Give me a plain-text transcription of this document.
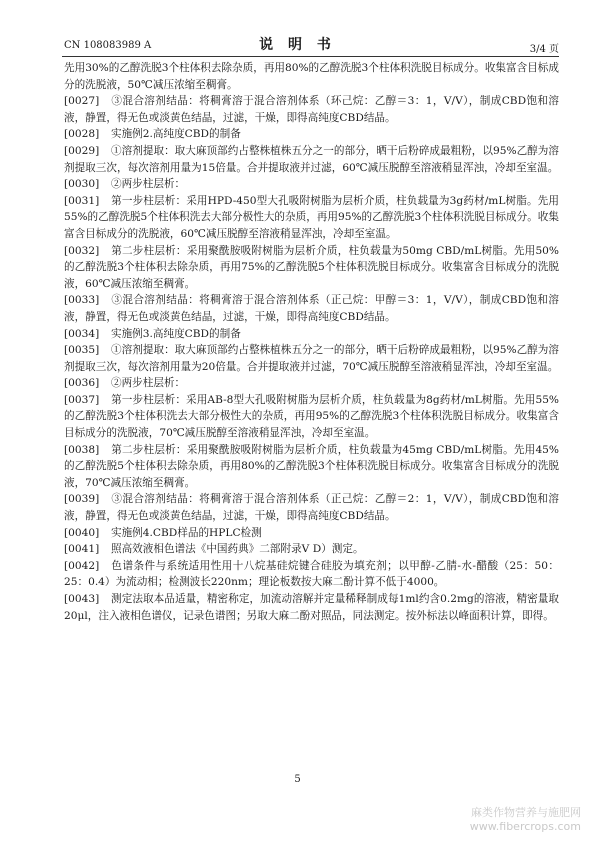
CN 108083989 A	说 明 书	3/4 页

先用30%的乙醇洗脱3个柱体积去除杂质，再用80%的乙醇洗脱3个柱体积洗脱目标成分。收集富含目标成分的洗脱液，50℃减压浓缩至稠膏。

[0027] ③混合溶剂结晶：将稠膏溶于混合溶剂体系（环己烷：乙醇＝3：1，V/V），制成CBD饱和溶液，静置，得无色或淡黄色结晶，过滤，干燥，即得高纯度CBD结晶。

[0028] 实施例2.高纯度CBD的制备

[0029] ①溶剂提取：取大麻顶部约占整株植株五分之一的部分，晒干后粉碎成最粗粉，以95%乙醇为溶剂提取三次，每次溶剂用量为15倍量。合并提取液并过滤，60℃减压脱醇至溶液稍显浑浊，冷却至室温。

[0030] ②两步柱层析：

[0031] 第一步柱层析：采用HPD-450型大孔吸附树脂为层析介质，柱负载量为3g药材/mL树脂。先用55%的乙醇洗脱5个柱体积洗去大部分极性大的杂质，再用95%的乙醇洗脱3个柱体积洗脱目标成分。收集富含目标成分的洗脱液，60℃减压脱醇至溶液稍显浑浊，冷却至室温。

[0032] 第二步柱层析：采用聚酰胺吸附树脂为层析介质，柱负载量为50mg CBD/mL树脂。先用50%的乙醇洗脱3个柱体积去除杂质，再用75%的乙醇洗脱5个柱体积洗脱目标成分。收集富含目标成分的洗脱液，60℃减压浓缩至稠膏。

[0033] ③混合溶剂结晶：将稠膏溶于混合溶剂体系（正己烷：甲醇＝3：1，V/V），制成CBD饱和溶液，静置，得无色或淡黄色结晶，过滤，干燥，即得高纯度CBD结晶。

[0034] 实施例3.高纯度CBD的制备

[0035] ①溶剂提取：取大麻顶部约占整株植株五分之一的部分，晒干后粉碎成最粗粉，以95%乙醇为溶剂提取三次，每次溶剂用量为20倍量。合并提取液并过滤，70℃减压脱醇至溶液稍显浑浊，冷却至室温。

[0036] ②两步柱层析：

[0037] 第一步柱层析：采用AB-8型大孔吸附树脂为层析介质，柱负载量为8g药材/mL树脂。先用55%的乙醇洗脱3个柱体积洗去大部分极性大的杂质，再用95%的乙醇洗脱3个柱体积洗脱目标成分。收集富含目标成分的洗脱液，70℃减压脱醇至溶液稍显浑浊，冷却至室温。

[0038] 第二步柱层析：采用聚酰胺吸附树脂为层析介质，柱负载量为45mg CBD/mL树脂。先用45%的乙醇洗脱5个柱体积去除杂质，再用80%的乙醇洗脱3个柱体积洗脱目标成分。收集富含目标成分的洗脱液，70℃减压浓缩至稠膏。

[0039] ③混合溶剂结晶：将稠膏溶于混合溶剂体系（正己烷：乙醇＝2：1，V/V），制成CBD饱和溶液，静置，得无色或淡黄色结晶，过滤，干燥，即得高纯度CBD结晶。

[0040] 实施例4.CBD样品的HPLC检测

[0041] 照高效液相色谱法《中国药典》二部附录V D）测定。

[0042] 色谱条件与系统适用性用十八烷基硅烷键合硅胶为填充剂；以甲醇-乙腈-水-醋酸（25：50：25：0.4）为流动相；检测波长220nm；理论板数按大麻二酚计算不低于4000。

[0043] 测定法取本品适量，精密称定，加流动溶解并定量稀释制成每1ml约含0.2mg的溶液，精密量取20μl，注入液相色谱仪，记录色谱图；另取大麻二酚对照品，同法测定。按外标法以峰面积计算，即得。

5
麻类作物营养与施肥网
www.fibercrops.com
